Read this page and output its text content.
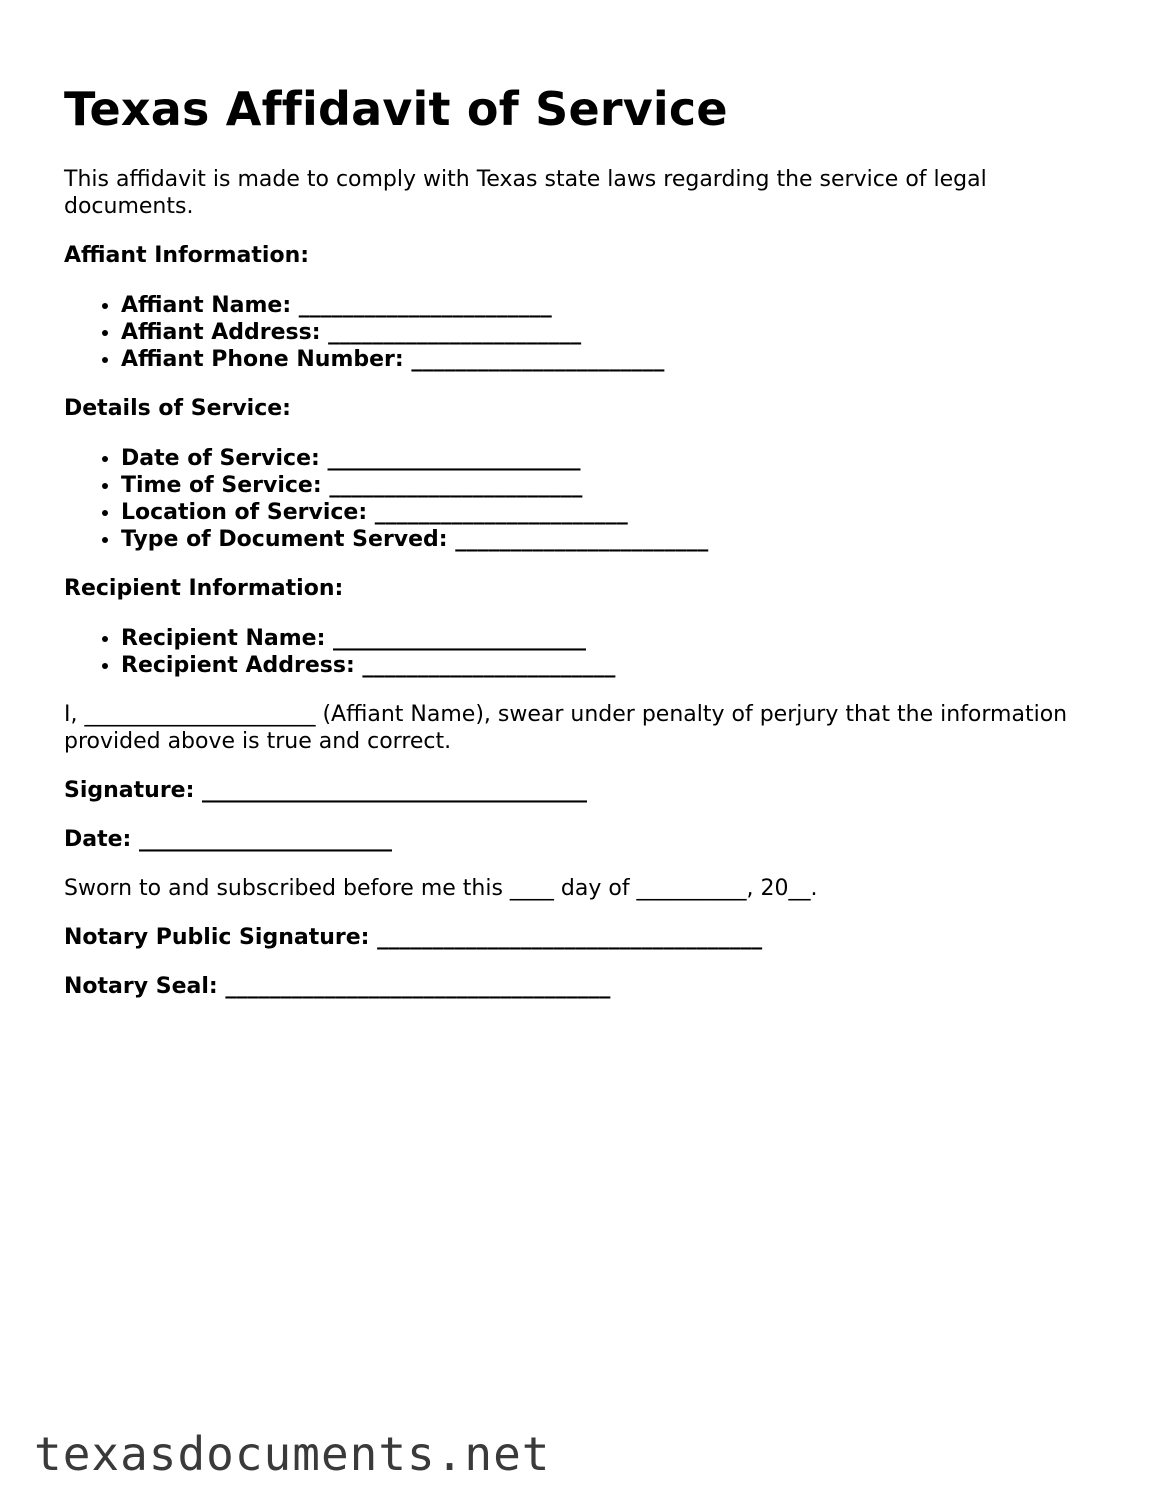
Texas Affidavit of Service

This affidavit is made to comply with Texas state laws regarding the service of legal documents.

Affiant Information:

• Affiant Name: _______________________
• Affiant Address: _______________________
• Affiant Phone Number: _______________________

Details of Service:

• Date of Service: _______________________
• Time of Service: _______________________
• Location of Service: _______________________
• Type of Document Served: _______________________

Recipient Information:

• Recipient Name: _______________________
• Recipient Address: _______________________

I, _____________________ (Affiant Name), swear under penalty of perjury that the information provided above is true and correct.

Signature: ___________________________________

Date: _______________________

Sworn to and subscribed before me this ____ day of __________, 20__.

Notary Public Signature: ___________________________________

Notary Seal: ___________________________________

texasdocuments.net
